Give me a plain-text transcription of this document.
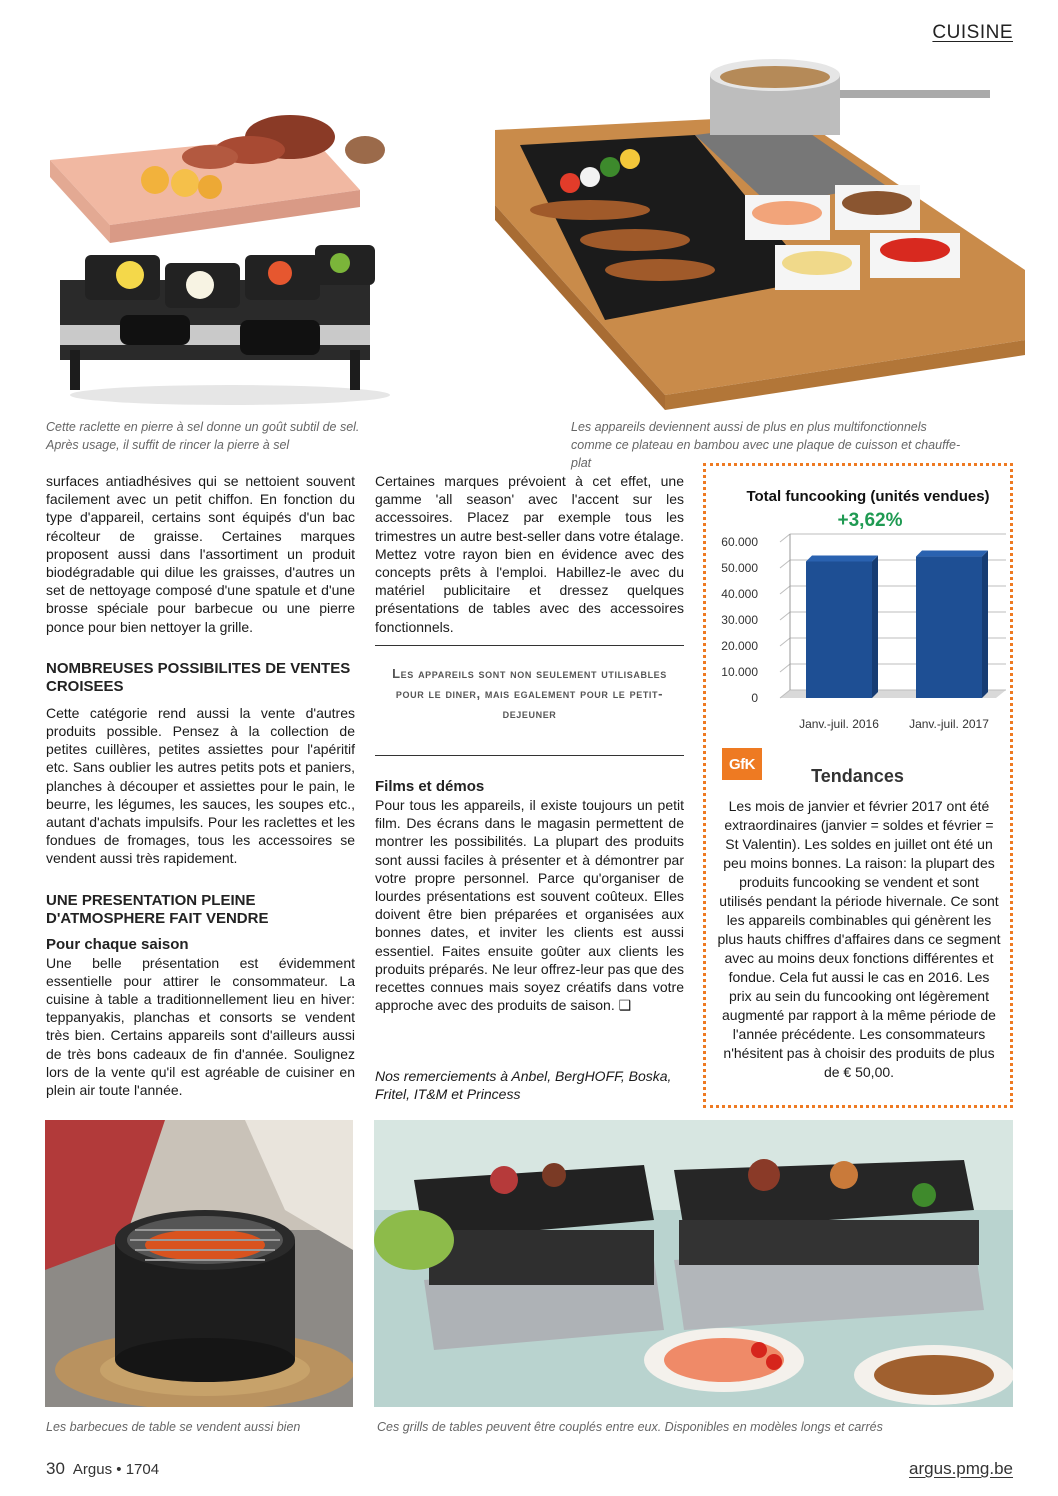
CUISINE
Cette raclette en pierre à sel donne un goût subtil de sel. Après usage, il suffit de rincer la pierre à sel
Les appareils deviennent aussi de plus en plus multifonctionnels comme ce plateau en bambou avec une plaque de cuisson et chauffe-plat

surfaces antiadhésives qui se nettoient souvent facilement avec un petit chiffon. En fonction du type d'appareil, certains sont équipés d'un bac récolteur de graisse. Certaines marques proposent aussi dans l'assortiment un produit biodégradable qui dilue les graisses, d'autres un set de nettoyage composé d'une spatule et d'une brosse spéciale pour barbecue ou une pierre ponce pour bien nettoyer la grille.

NOMBREUSES POSSIBILITES DE VENTES CROISEES

Cette catégorie rend aussi la vente d'autres produits possible. Pensez à la collection de petites cuillères, petites assiettes pour l'apéritif etc. Sans oublier les autres petits pots et paniers, planches à découper et assiettes pour le pain, le beurre, les légumes, les sauces, les soupes etc., autant d'achats impulsifs. Pour les raclettes et les fondues de fromages, tous les accessoires se vendent aussi très rapidement.

UNE PRESENTATION PLEINE D'ATMOSPHERE FAIT VENDRE
Pour chaque saison

Une belle présentation est évidemment essentielle pour attirer le consommateur. La cuisine à table a traditionnellement lieu en hiver: teppanyakis, planchas et consorts se vendent très bien. Certains appareils sont d'ailleurs aussi de très bons cadeaux de fin d'année. Soulignez lors de la vente qu'il est agréable de cuisiner en plein air toute l'année.

Certaines marques prévoient à cet effet, une gamme 'all season' avec l'accent sur les accessoires. Placez par exemple tous les trimestres un autre best-seller dans votre étalage. Mettez votre rayon bien en évidence avec des concepts prêts à l'emploi. Habillez-le avec du matériel publicitaire et dressez quelques présentations de tables avec des accessoires fonctionnels.

Les appareils sont non seulement utilisables pour le diner, mais egalement pour le petit-dejeuner
Films et démos

Pour tous les appareils, il existe toujours un petit film. Des écrans dans le magasin permettent de montrer les possibilités. La plupart des produits sont aussi faciles à présenter et à démontrer par votre propre personnel. Parce qu'organiser de lourdes présentations est souvent coûteux. Elles doivent être bien préparées et organisées aux bonnes dates, et inviter les clients est aussi essentiel. Faites ensuite goûter aux clients les produits préparés. Ne leur offrez-leur pas que des recettes connues mais soyez créatifs dans votre approche avec des produits de saison. ❑

Nos remerciements à Anbel, BergHOFF, Boska, Fritel, IT&M et Princess
Total funcooking (unités vendues)
+3,62%
0
10.000
20.000
30.000
40.000
50.000
60.000
Janv.-juil. 2016	Janv.-juil. 2017
GfK
Tendances
Les mois de janvier et février 2017 ont été extraordinaires (janvier = soldes et février = St Valentin). Les soldes en juillet ont été un peu moins bonnes. La raison: la plupart des produits funcooking se vendent et sont utilisés pendant la période hivernale. Ce sont les appareils combinables qui génèrent les plus hauts chiffres d'affaires dans ce segment avec au moins deux fonctions différentes et fondue. Cela fut aussi le cas en 2016. Les prix au sein du funcooking ont légèrement augmenté par rapport à la même période de l'année précédente. Les consommateurs n'hésitent pas à choisir des produits de plus de € 50,00.
Les barbecues de table se vendent aussi bien	Ces grills de tables peuvent être couplés entre eux. Disponibles en modèles longs et carrés
30 Argus • 1704	argus.pmg.be
